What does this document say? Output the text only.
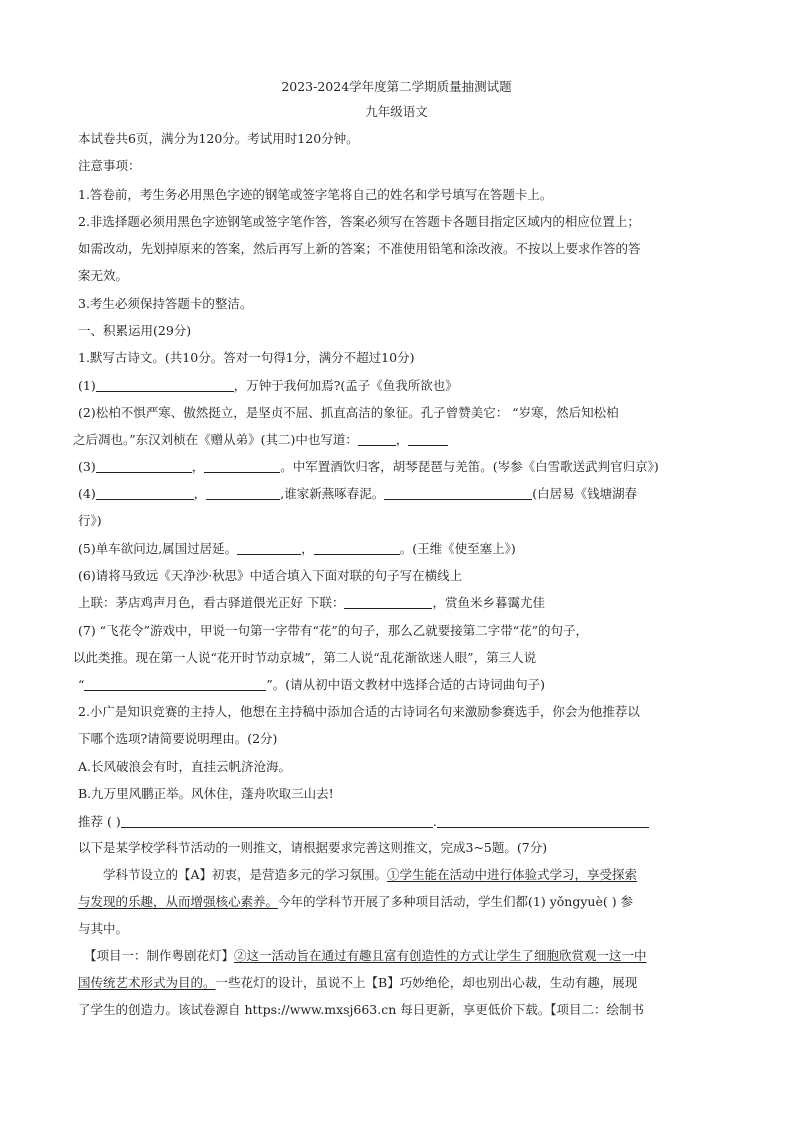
2023-2024学年度第二学期质量抽测试题
九年级语文
本试卷共6页，满分为120分。考试用时120分钟。
注意事项：
1.答卷前，考生务必用黑色字迹的钢笔或签字笔将自己的姓名和学号填写在答题卡上。
2.非选择题必须用黑色字迹钢笔或签字笔作答，答案必须写在答题卡各题目指定区域内的相应位置上；
如需改动，先划掉原来的答案，然后再写上新的答案；不准使用铅笔和涂改液。不按以上要求作答的答
案无效。
3.考生必须保持答题卡的整洁。
一、积累运用(29分)
1.默写古诗文。(共10分。答对一句得1分，满分不超过10分)
(1)	，万钟于我何加焉?(孟子《鱼我所欲也》
(2)松柏不惧严寒、傲然挺立，是坚贞不屈、抓直高洁的象征。孔子曾赞美它： “岁寒，然后知松柏
之后凋也。”东汉刘桢在《赠从弟》(其二)中也写道：	，
(3)	，	。中军置酒饮归客，胡琴琵琶与羌笛。(岑参《白雪歌送武判官归京》)
(4)	，	,谁家新燕啄春泥。	(白居易《钱塘湖春
行》)
(5)单车欲问边,属国过居延。	，	。(王维《使至塞上》)
(6)请将马致远《天净沙·秋思》中适合填入下面对联的句子写在横线上
上联：茅店鸡声月色，看古驿道偎光正好 下联：	，赏鱼米乡暮霭尤佳
(7) “飞花令”游戏中，甲说一句第一字带有“花”的句子，那么乙就要接第二字带“花”的句子，
以此类推。现在第一人说“花开时节动京城”，第二人说“乱花渐欲迷人眼”，第三人说
“	”。(请从初中语文教材中选择合适的古诗词曲句子)
2.小广是知识竞赛的主持人，他想在主持稿中添加合适的古诗词名句来激励参赛选手，你会为他推荐以
下哪个选项?请简要说明理由。(2分)
A.长风破浪会有时，直挂云帆济沧海。
B.九万里风鹏正举。风休住，蓬舟吹取三山去!
推荐 ( )	.
以下是某学校学科节活动的一则推文，请根据要求完善这则推文，完成3~5题。(7分)
学科节设立的【A】初衷，是营造多元的学习氛围。①学生能在活动中进行体验式学习，享受探索
与发现的乐趣，从而增强核心素养。今年的学科节开展了多种项目活动，学生们都(1) yǒngyuè( ) 参
与其中。
【项目一：制作粤剧花灯】②这一活动旨在通过有趣且富有创造性的方式让学生了细胞欣赏观一这一中
国传统艺术形式为目的。一些花灯的设计，虽说不上【B】巧妙绝伦，却也别出心裁，生动有趣，展现
了学生的创造力。该试卷源自 https://www.mxsj663.cn 每日更新，享更低价下载。【项目二：绘制书
